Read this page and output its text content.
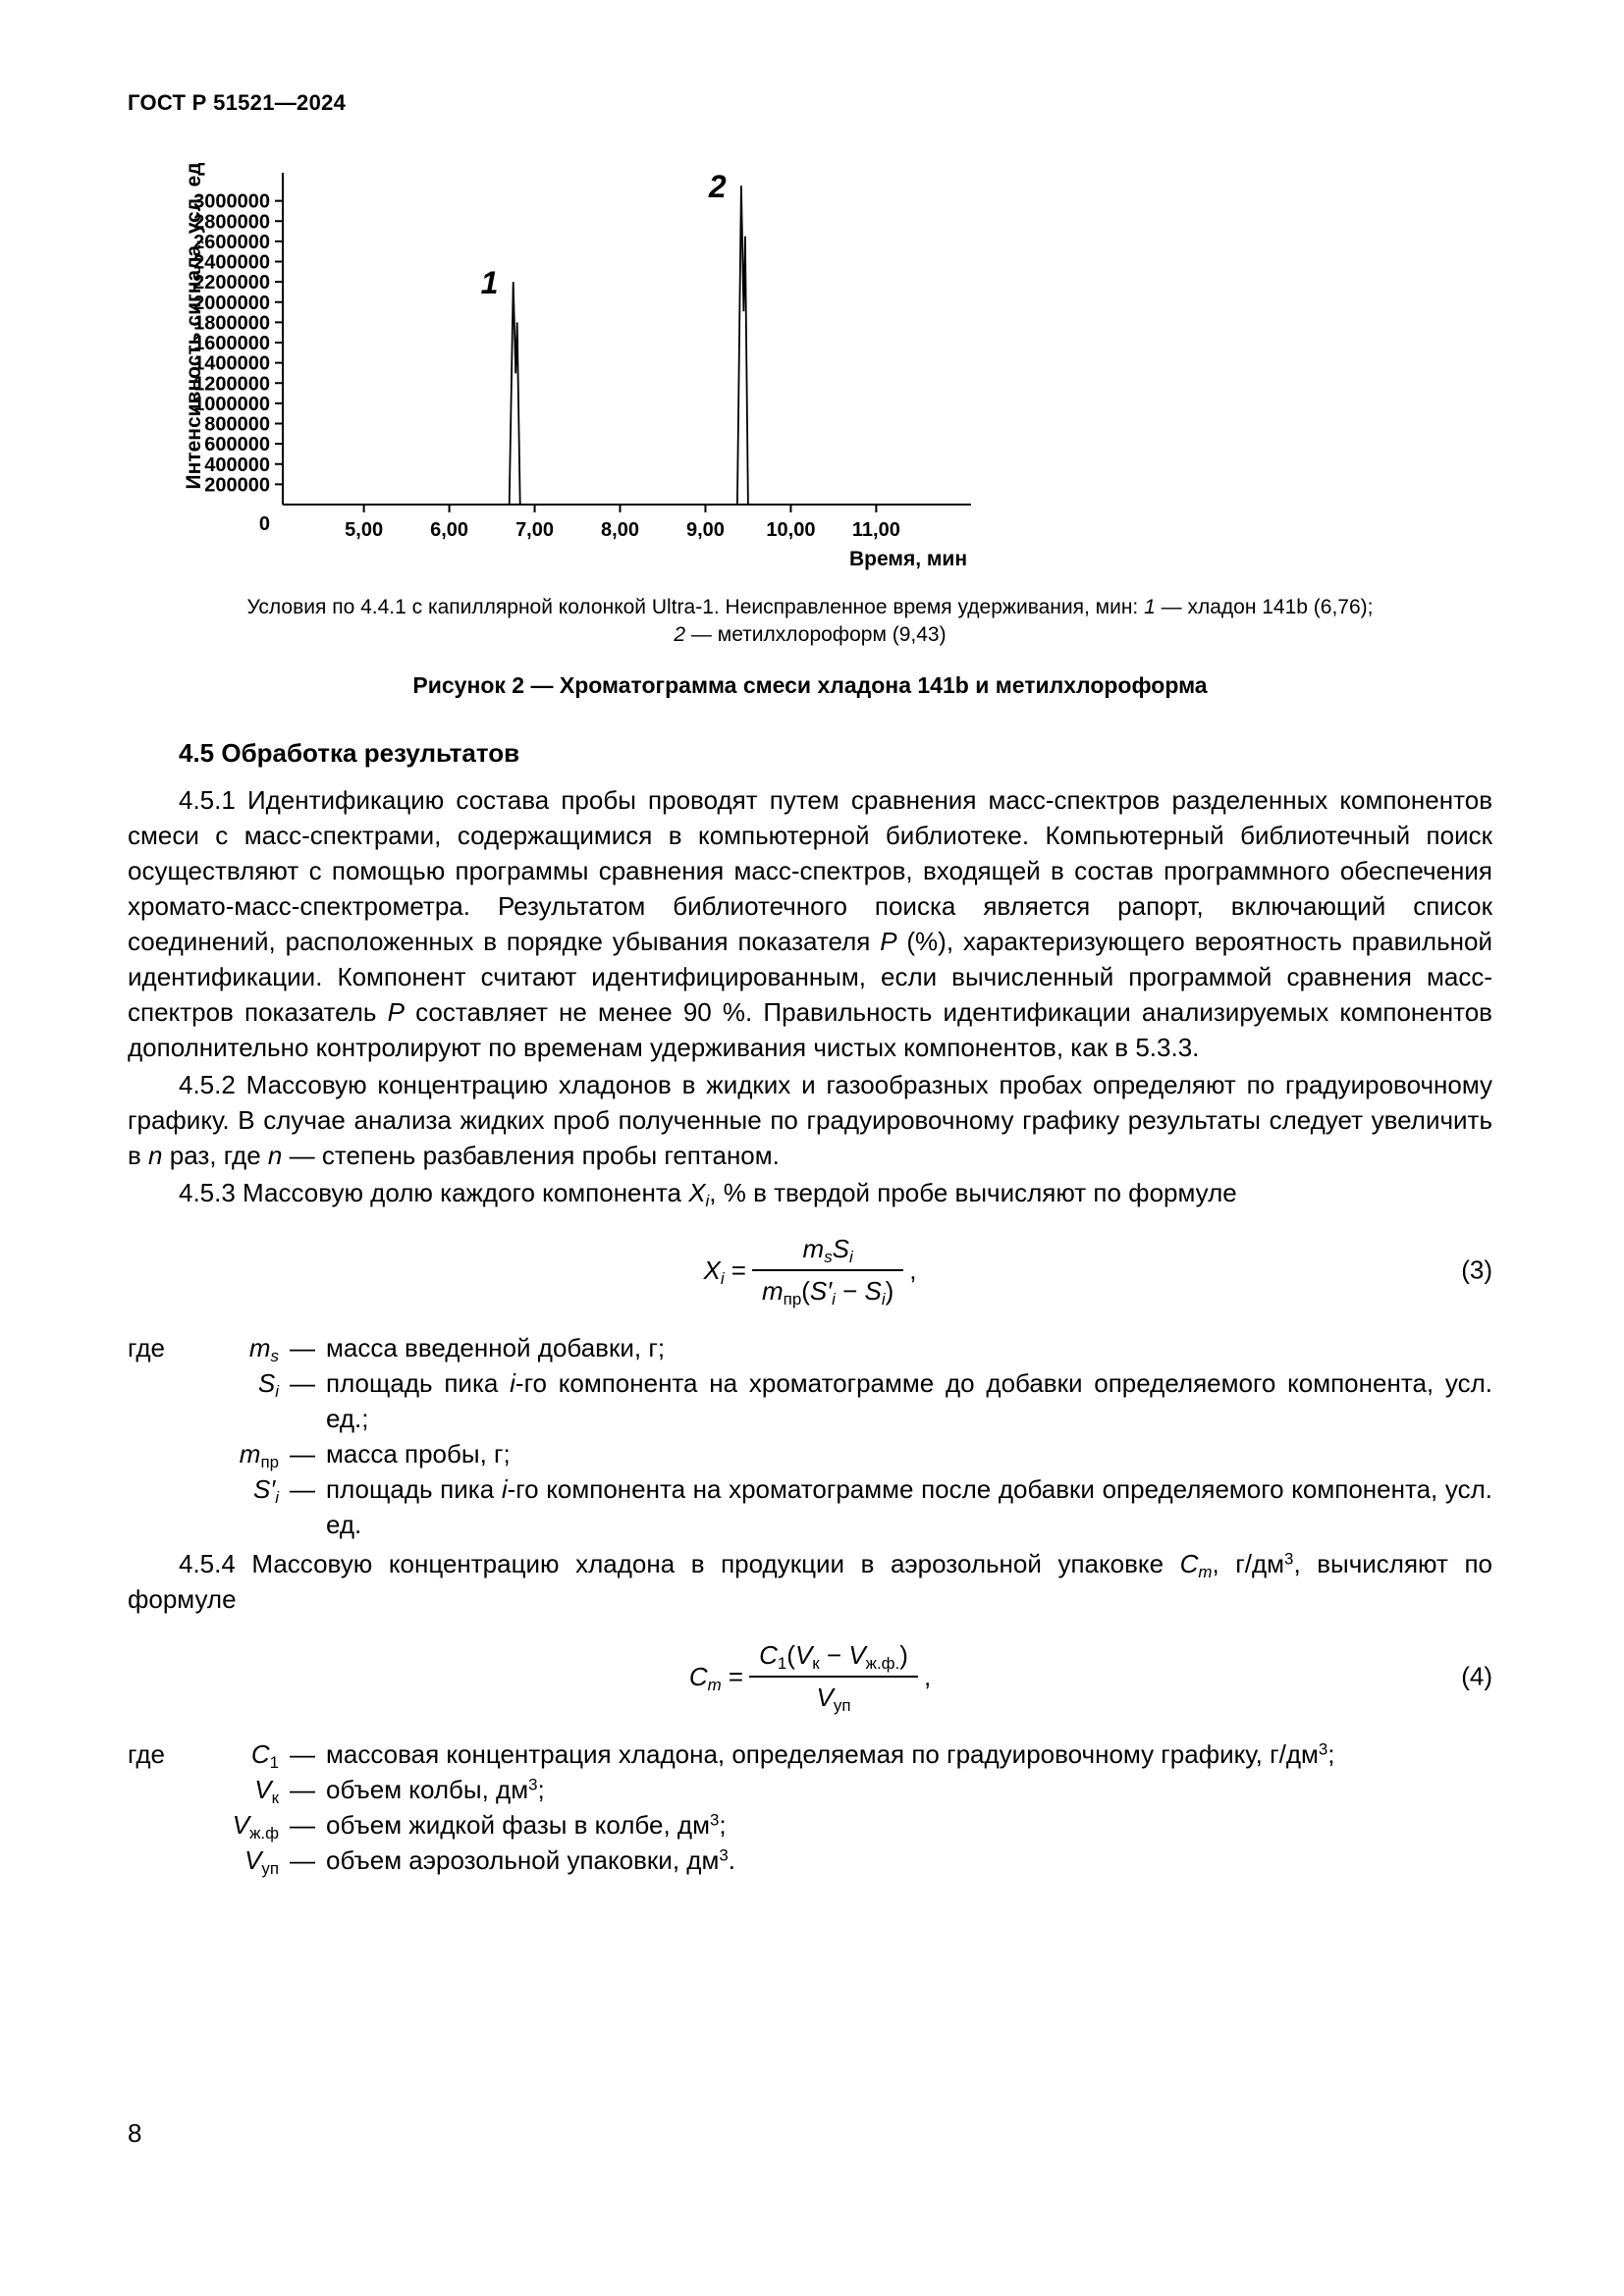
ГОСТ Р 51521—2024
200000
400000
600000
800000
1000000
1200000
1400000
1600000
1800000
2000000
2200000
2400000
2600000
2800000
3000000
0	5,00 6,00 7,00 8,00 9,00 10,00 11,00
1
2
Интенсивность сигнала, усл. ед.
Время, мин
Условия по 4.4.1 с капиллярной колонкой Ultra-1. Неисправленное время удерживания, мин: 1 — хладон 141b (6,76);
2 — метилхлороформ (9,43)
Рисунок 2 — Хроматограмма смеси хладона 141b и метилхлороформа
4.5 Обработка результатов

4.5.1 Идентификацию состава пробы проводят путем сравнения масс-спектров разделенных компонентов смеси с масс-спектрами, содержащимися в компьютерной библиотеке. Компьютерный библиотечный поиск осуществляют с помощью программы сравнения масс-спектров, входящей в состав программного обеспечения хромато-масс-спектрометра. Результатом библиотечного поиска является рапорт, включающий список соединений, расположенных в порядке убывания показателя P (%), характеризующего вероятность правильной идентификации. Компонент считают идентифицированным, если вычисленный программой сравнения масс-спектров показатель P составляет не менее 90 %. Правильность идентификации анализируемых компонентов дополнительно контролируют по временам удерживания чистых компонентов, как в 5.3.3.

4.5.2 Массовую концентрацию хладонов в жидких и газообразных пробах определяют по градуировочному графику. В случае анализа жидких проб полученные по градуировочному графику результаты следует увеличить в n раз, где n — степень разбавления пробы гептаном.

4.5.3 Массовую долю каждого компонента $X_i$, % в твердой пробе вычисляют по формуле

$X_i = \frac{m_sS_i}{m_{пр}(S'_i - S_i)}$ ,	(3)
где	$m_s$ — масса введенной добавки, г;
$S_i$ — площадь пика i-го компонента на хроматограмме до добавки определяемого компонента, усл. ед.;
$m_{пр}$ — масса пробы, г;
$S'_i$ — площадь пика i-го компонента на хроматограмме после добавки определяемого компонента, усл. ед.

4.5.4 Массовую концентрацию хладона в продукции в аэрозольной упаковке $C_m$, $г/дм^3$, вычисляют по формуле

$C_m = \frac{C_1(V_к - V_{ж.ф.})}{V_{уп}}$ ,	(4)
где	$C_1$ — массовая концентрация хладона, определяемая по градуировочному графику, $г/дм^3$;
$V_к$ — объем колбы, $дм^3$;
$V_{ж.ф}$ — объем жидкой фазы в колбе, $дм^3$;
$V_{уп}$ — объем аэрозольной упаковки, $дм^3$.
8
